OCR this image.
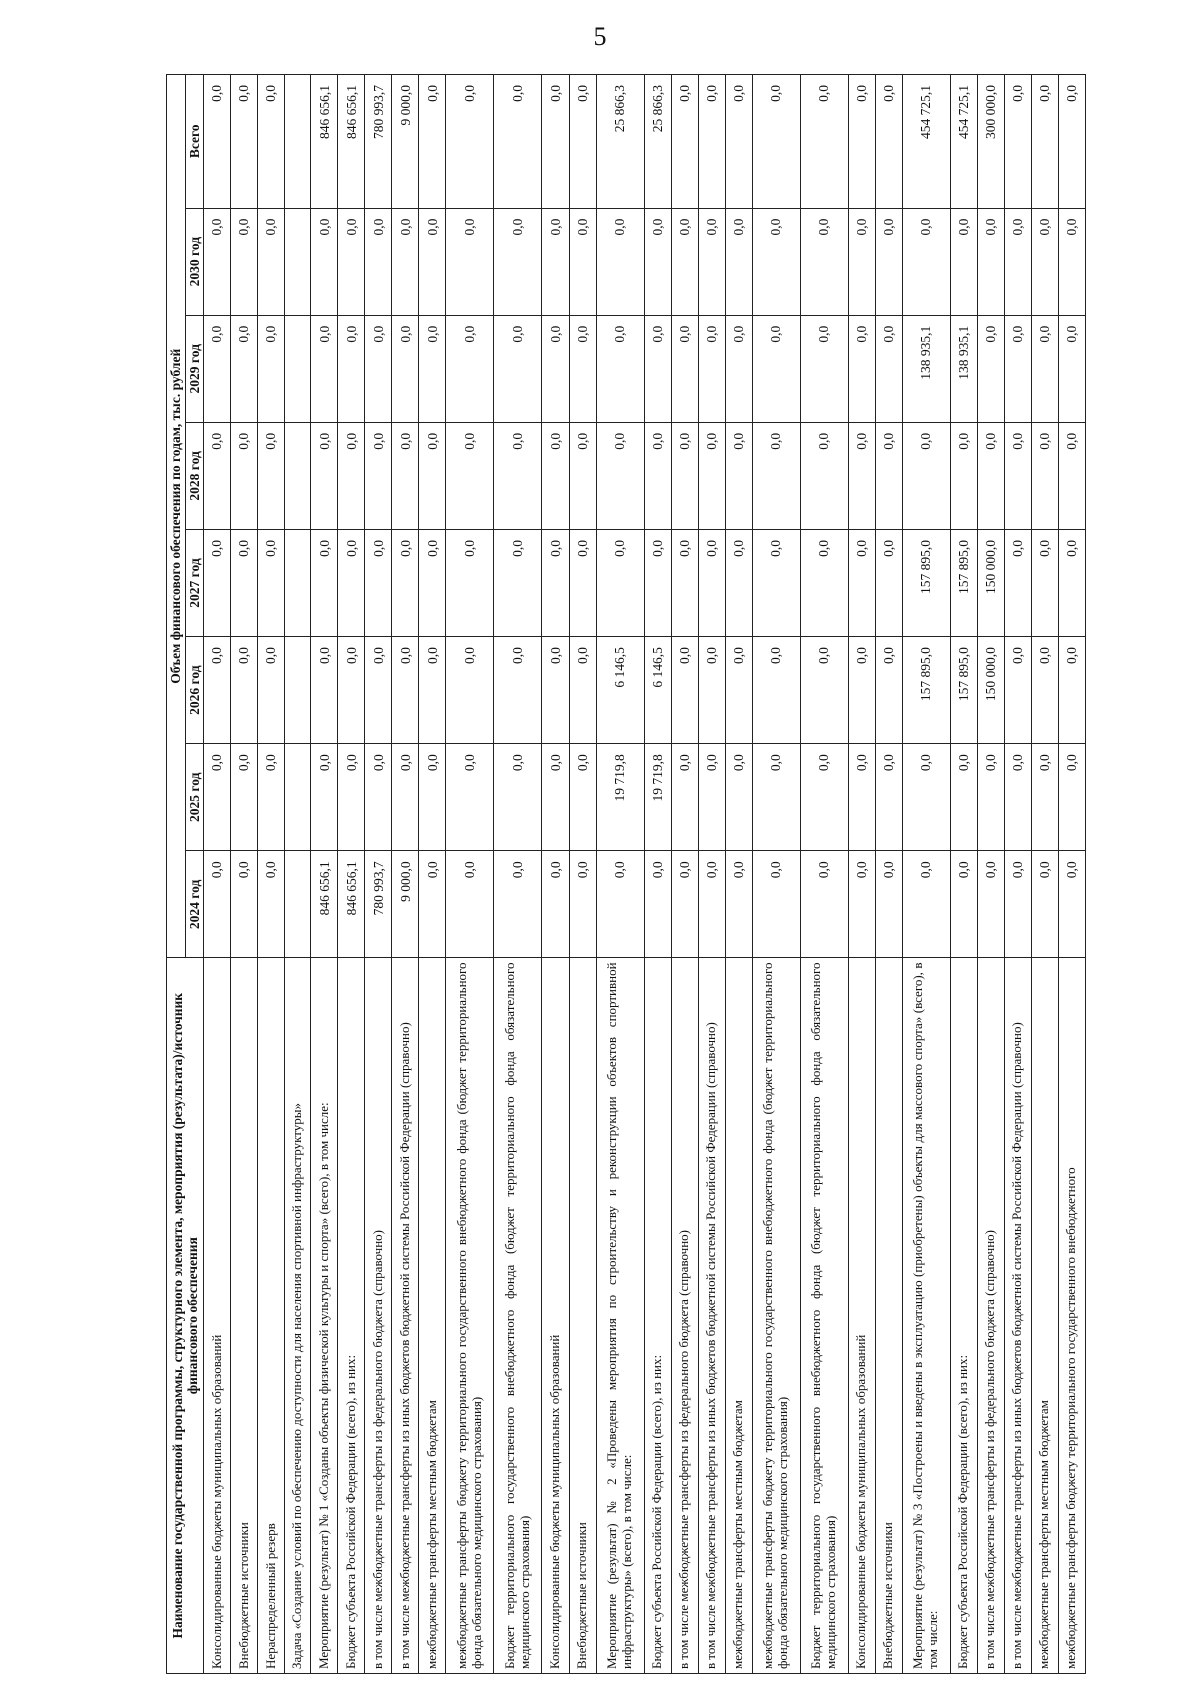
5
Наименование государственной программы, структурного элемента, мероприятия (результата)/источник финансового обеспечения	Объем финансового обеспечения по годам, тыс. рублей							
	2024 год	2025 год	2026 год	2027 год	2028 год	2029 год	2030 год	Всего
Консолидированные бюджеты муниципальных образований	0,0	0,0	0,0	0,0	0,0	0,0	0,0	0,0
Внебюджетные источники	0,0	0,0	0,0	0,0	0,0	0,0	0,0	0,0
Нераспределенный резерв	0,0	0,0	0,0	0,0	0,0	0,0	0,0	0,0
Задача «Создание условий по обеспечению доступности для населения спортивной инфраструктуры»								
Мероприятие (результат) № 1 «Созданы объекты физической культуры и спорта» (всего), в том числе:	846 656,1	0,0	0,0	0,0	0,0	0,0	0,0	846 656,1
Бюджет субъекта Российской Федерации (всего), из них:	846 656,1	0,0	0,0	0,0	0,0	0,0	0,0	846 656,1
в том числе межбюджетные трансферты из федерального бюджета (справочно)	780 993,7	0,0	0,0	0,0	0,0	0,0	0,0	780 993,7
в том числе межбюджетные трансферты из иных бюджетов бюджетной системы Российской Федерации (справочно)	9 000,0	0,0	0,0	0,0	0,0	0,0	0,0	9 000,0
межбюджетные трансферты местным бюджетам	0,0	0,0	0,0	0,0	0,0	0,0	0,0	0,0
межбюджетные трансферты бюджету территориального государственного внебюджетного фонда (бюджет территориального фонда обязательного медицинского страхования)	0,0	0,0	0,0	0,0	0,0	0,0	0,0	0,0
Бюджет территориального государственного внебюджетного фонда (бюджет территориального фонда обязательного медицинского страхования)	0,0	0,0	0,0	0,0	0,0	0,0	0,0	0,0
Консолидированные бюджеты муниципальных образований	0,0	0,0	0,0	0,0	0,0	0,0	0,0	0,0
Внебюджетные источники	0,0	0,0	0,0	0,0	0,0	0,0	0,0	0,0
Мероприятие (результат) № 2 «Проведены мероприятия по строительству и реконструкции объектов спортивной инфраструктуры» (всего), в том числе:	0,0	19 719,8	6 146,5	0,0	0,0	0,0	0,0	25 866,3
Бюджет субъекта Российской Федерации (всего), из них:	0,0	19 719,8	6 146,5	0,0	0,0	0,0	0,0	25 866,3
в том числе межбюджетные трансферты из федерального бюджета (справочно)	0,0	0,0	0,0	0,0	0,0	0,0	0,0	0,0
в том числе межбюджетные трансферты из иных бюджетов бюджетной системы Российской Федерации (справочно)	0,0	0,0	0,0	0,0	0,0	0,0	0,0	0,0
межбюджетные трансферты местным бюджетам	0,0	0,0	0,0	0,0	0,0	0,0	0,0	0,0
межбюджетные трансферты бюджету территориального государственного внебюджетного фонда (бюджет территориального фонда обязательного медицинского страхования)	0,0	0,0	0,0	0,0	0,0	0,0	0,0	0,0
Бюджет территориального государственного внебюджетного фонда (бюджет территориального фонда обязательного медицинского страхования)	0,0	0,0	0,0	0,0	0,0	0,0	0,0	0,0
Консолидированные бюджеты муниципальных образований	0,0	0,0	0,0	0,0	0,0	0,0	0,0	0,0
Внебюджетные источники	0,0	0,0	0,0	0,0	0,0	0,0	0,0	0,0
Мероприятие (результат) № 3 «Построены и введены в эксплуатацию (приобретены) объекты для массового спорта» (всего), в том числе:	0,0	0,0	157 895,0	157 895,0	0,0	138 935,1	0,0	454 725,1
Бюджет субъекта Российской Федерации (всего), из них:	0,0	0,0	157 895,0	157 895,0	0,0	138 935,1	0,0	454 725,1
в том числе межбюджетные трансферты из федерального бюджета (справочно)	0,0	0,0	150 000,0	150 000,0	0,0	0,0	0,0	300 000,0
в том числе межбюджетные трансферты из иных бюджетов бюджетной системы Российской Федерации (справочно)	0,0	0,0	0,0	0,0	0,0	0,0	0,0	0,0
межбюджетные трансферты местным бюджетам	0,0	0,0	0,0	0,0	0,0	0,0	0,0	0,0
межбюджетные трансферты бюджету территориального государственного внебюджетного	0,0	0,0	0,0	0,0	0,0	0,0	0,0	0,0
